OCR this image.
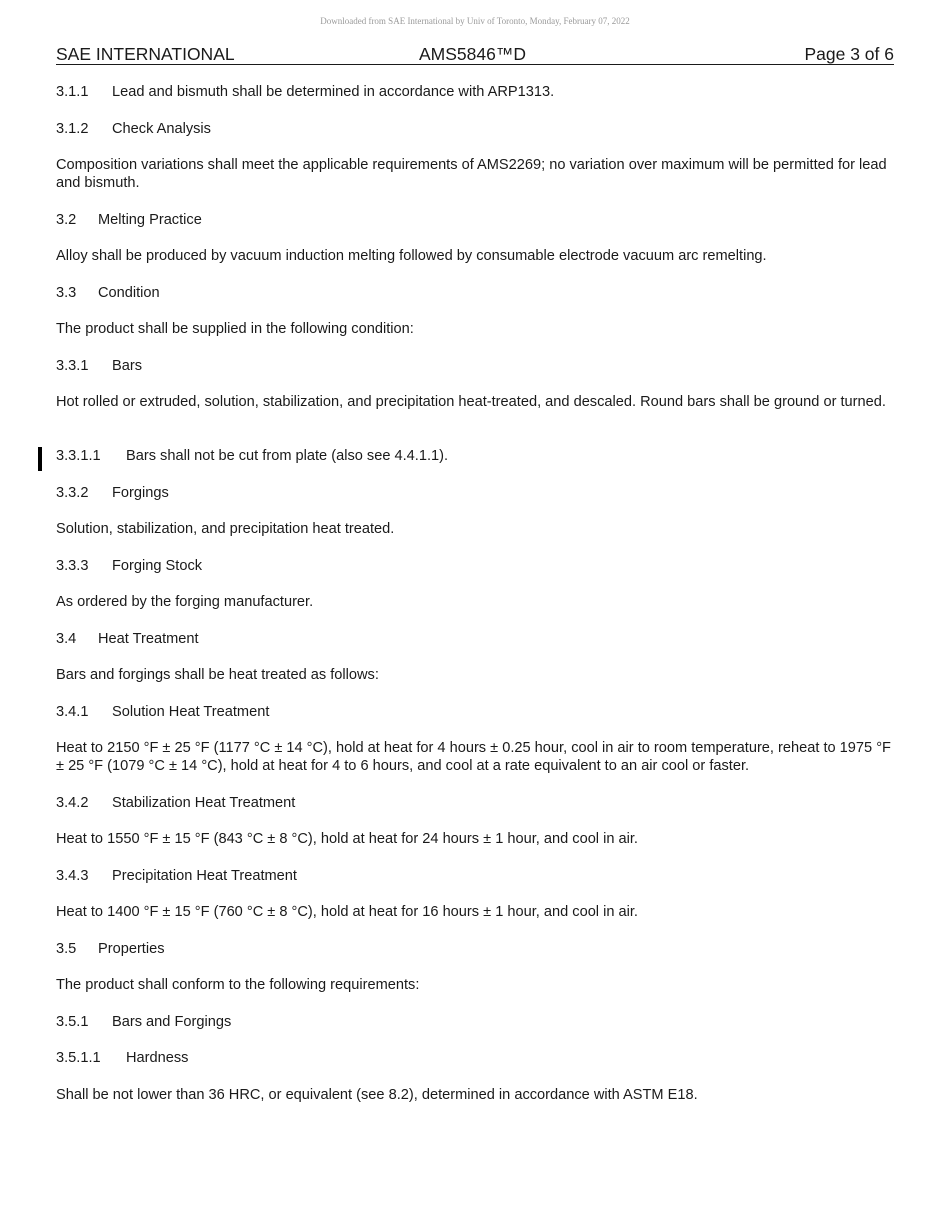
Downloaded from SAE International by Univ of Toronto, Monday, February 07, 2022
SAE INTERNATIONAL	AMS5846™D	Page 3 of 6
3.1.1 Lead and bismuth shall be determined in accordance with ARP1313.
3.1.2 Check Analysis

Composition variations shall meet the applicable requirements of AMS2269; no variation over maximum will be permitted for lead and bismuth.

3.2 Melting Practice

Alloy shall be produced by vacuum induction melting followed by consumable electrode vacuum arc remelting.

3.3 Condition

The product shall be supplied in the following condition:

3.3.1 Bars

Hot rolled or extruded, solution, stabilization, and precipitation heat-treated, and descaled. Round bars shall be ground or turned.

3.3.1.1 Bars shall not be cut from plate (also see 4.4.1.1).
3.3.2 Forgings

Solution, stabilization, and precipitation heat treated.

3.3.3 Forging Stock

As ordered by the forging manufacturer.

3.4 Heat Treatment

Bars and forgings shall be heat treated as follows:

3.4.1 Solution Heat Treatment

Heat to 2150 °F ± 25 °F (1177 °C ± 14 °C), hold at heat for 4 hours ± 0.25 hour, cool in air to room temperature, reheat to 1975 °F ± 25 °F (1079 °C ± 14 °C), hold at heat for 4 to 6 hours, and cool at a rate equivalent to an air cool or faster.

3.4.2 Stabilization Heat Treatment

Heat to 1550 °F ± 15 °F (843 °C ± 8 °C), hold at heat for 24 hours ± 1 hour, and cool in air.

3.4.3 Precipitation Heat Treatment

Heat to 1400 °F ± 15 °F (760 °C ± 8 °C), hold at heat for 16 hours ± 1 hour, and cool in air.

3.5 Properties

The product shall conform to the following requirements:

3.5.1 Bars and Forgings
3.5.1.1 Hardness

Shall be not lower than 36 HRC, or equivalent (see 8.2), determined in accordance with ASTM E18.
